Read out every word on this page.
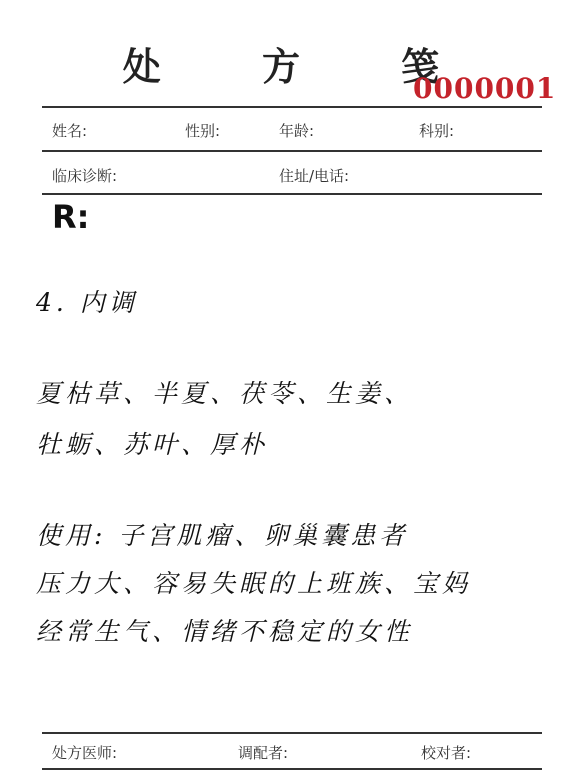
处 方 笺
0000001
姓名:	性别:	年龄:	科别:
临床诊断:	住址/电话:
R:
4. 内调
夏枯草、半夏、茯苓、生姜、
牡蛎、苏叶、厚朴
使用: 子宫肌瘤、卵巢囊患者
压力大、容易失眠的上班族、宝妈
经常生气、情绪不稳定的女性
处方医师:	调配者:	校对者:
